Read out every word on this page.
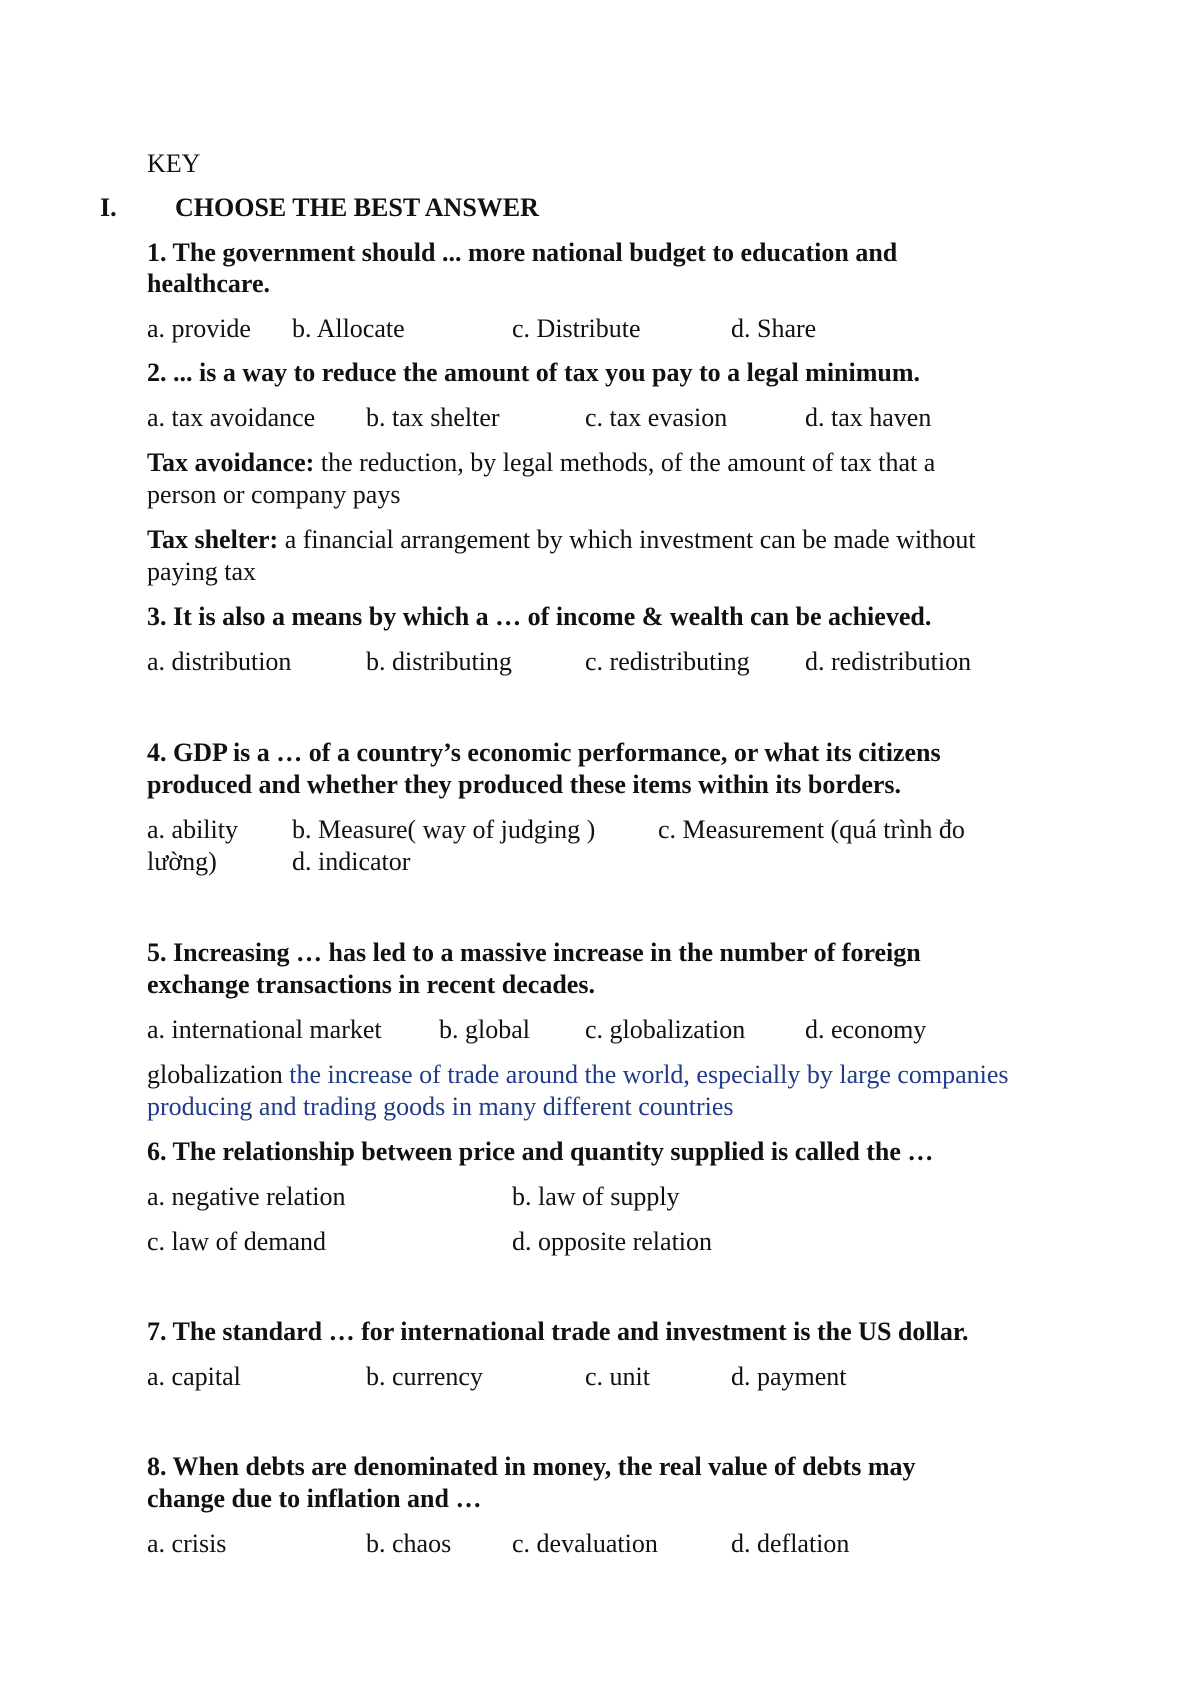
KEY
I. CHOOSE THE BEST ANSWER
1. The government should ... more national budget to education and
healthcare.
a. provide b. Allocate	c. Distribute	d. Share
2. ... is a way to reduce the amount of tax you pay to a legal minimum.
a. tax avoidance b. tax shelter	c. tax evasion	d. tax haven
Tax avoidance: the reduction, by legal methods, of the amount of tax that a
person or company pays
Tax shelter: a financial arrangement by which investment can be made without
paying tax
3. It is also a means by which a … of income & wealth can be achieved.
a. distribution	b. distributing	c. redistributing d. redistribution
4. GDP is a … of a country’s economic performance, or what its citizens
produced and whether they produced these items within its borders.
a. ability b. Measure( way of judging ) c. Measurement (quá trình đo
lường)	d. indicator
5. Increasing … has led to a massive increase in the number of foreign
exchange transactions in recent decades.
a. international market b. global c. globalization d. economy
globalization the increase of trade around the world, especially by large companies
producing and trading goods in many different countries
6. The relationship between price and quantity supplied is called the …
a. negative relation	b. law of supply
c. law of demand	d. opposite relation
7. The standard … for international trade and investment is the US dollar.
a. capital	b. currency	c. unit	d. payment
8. When debts are denominated in money, the real value of debts may
change due to inflation and …
a. crisis	b. chaos c. devaluation	d. deflation
